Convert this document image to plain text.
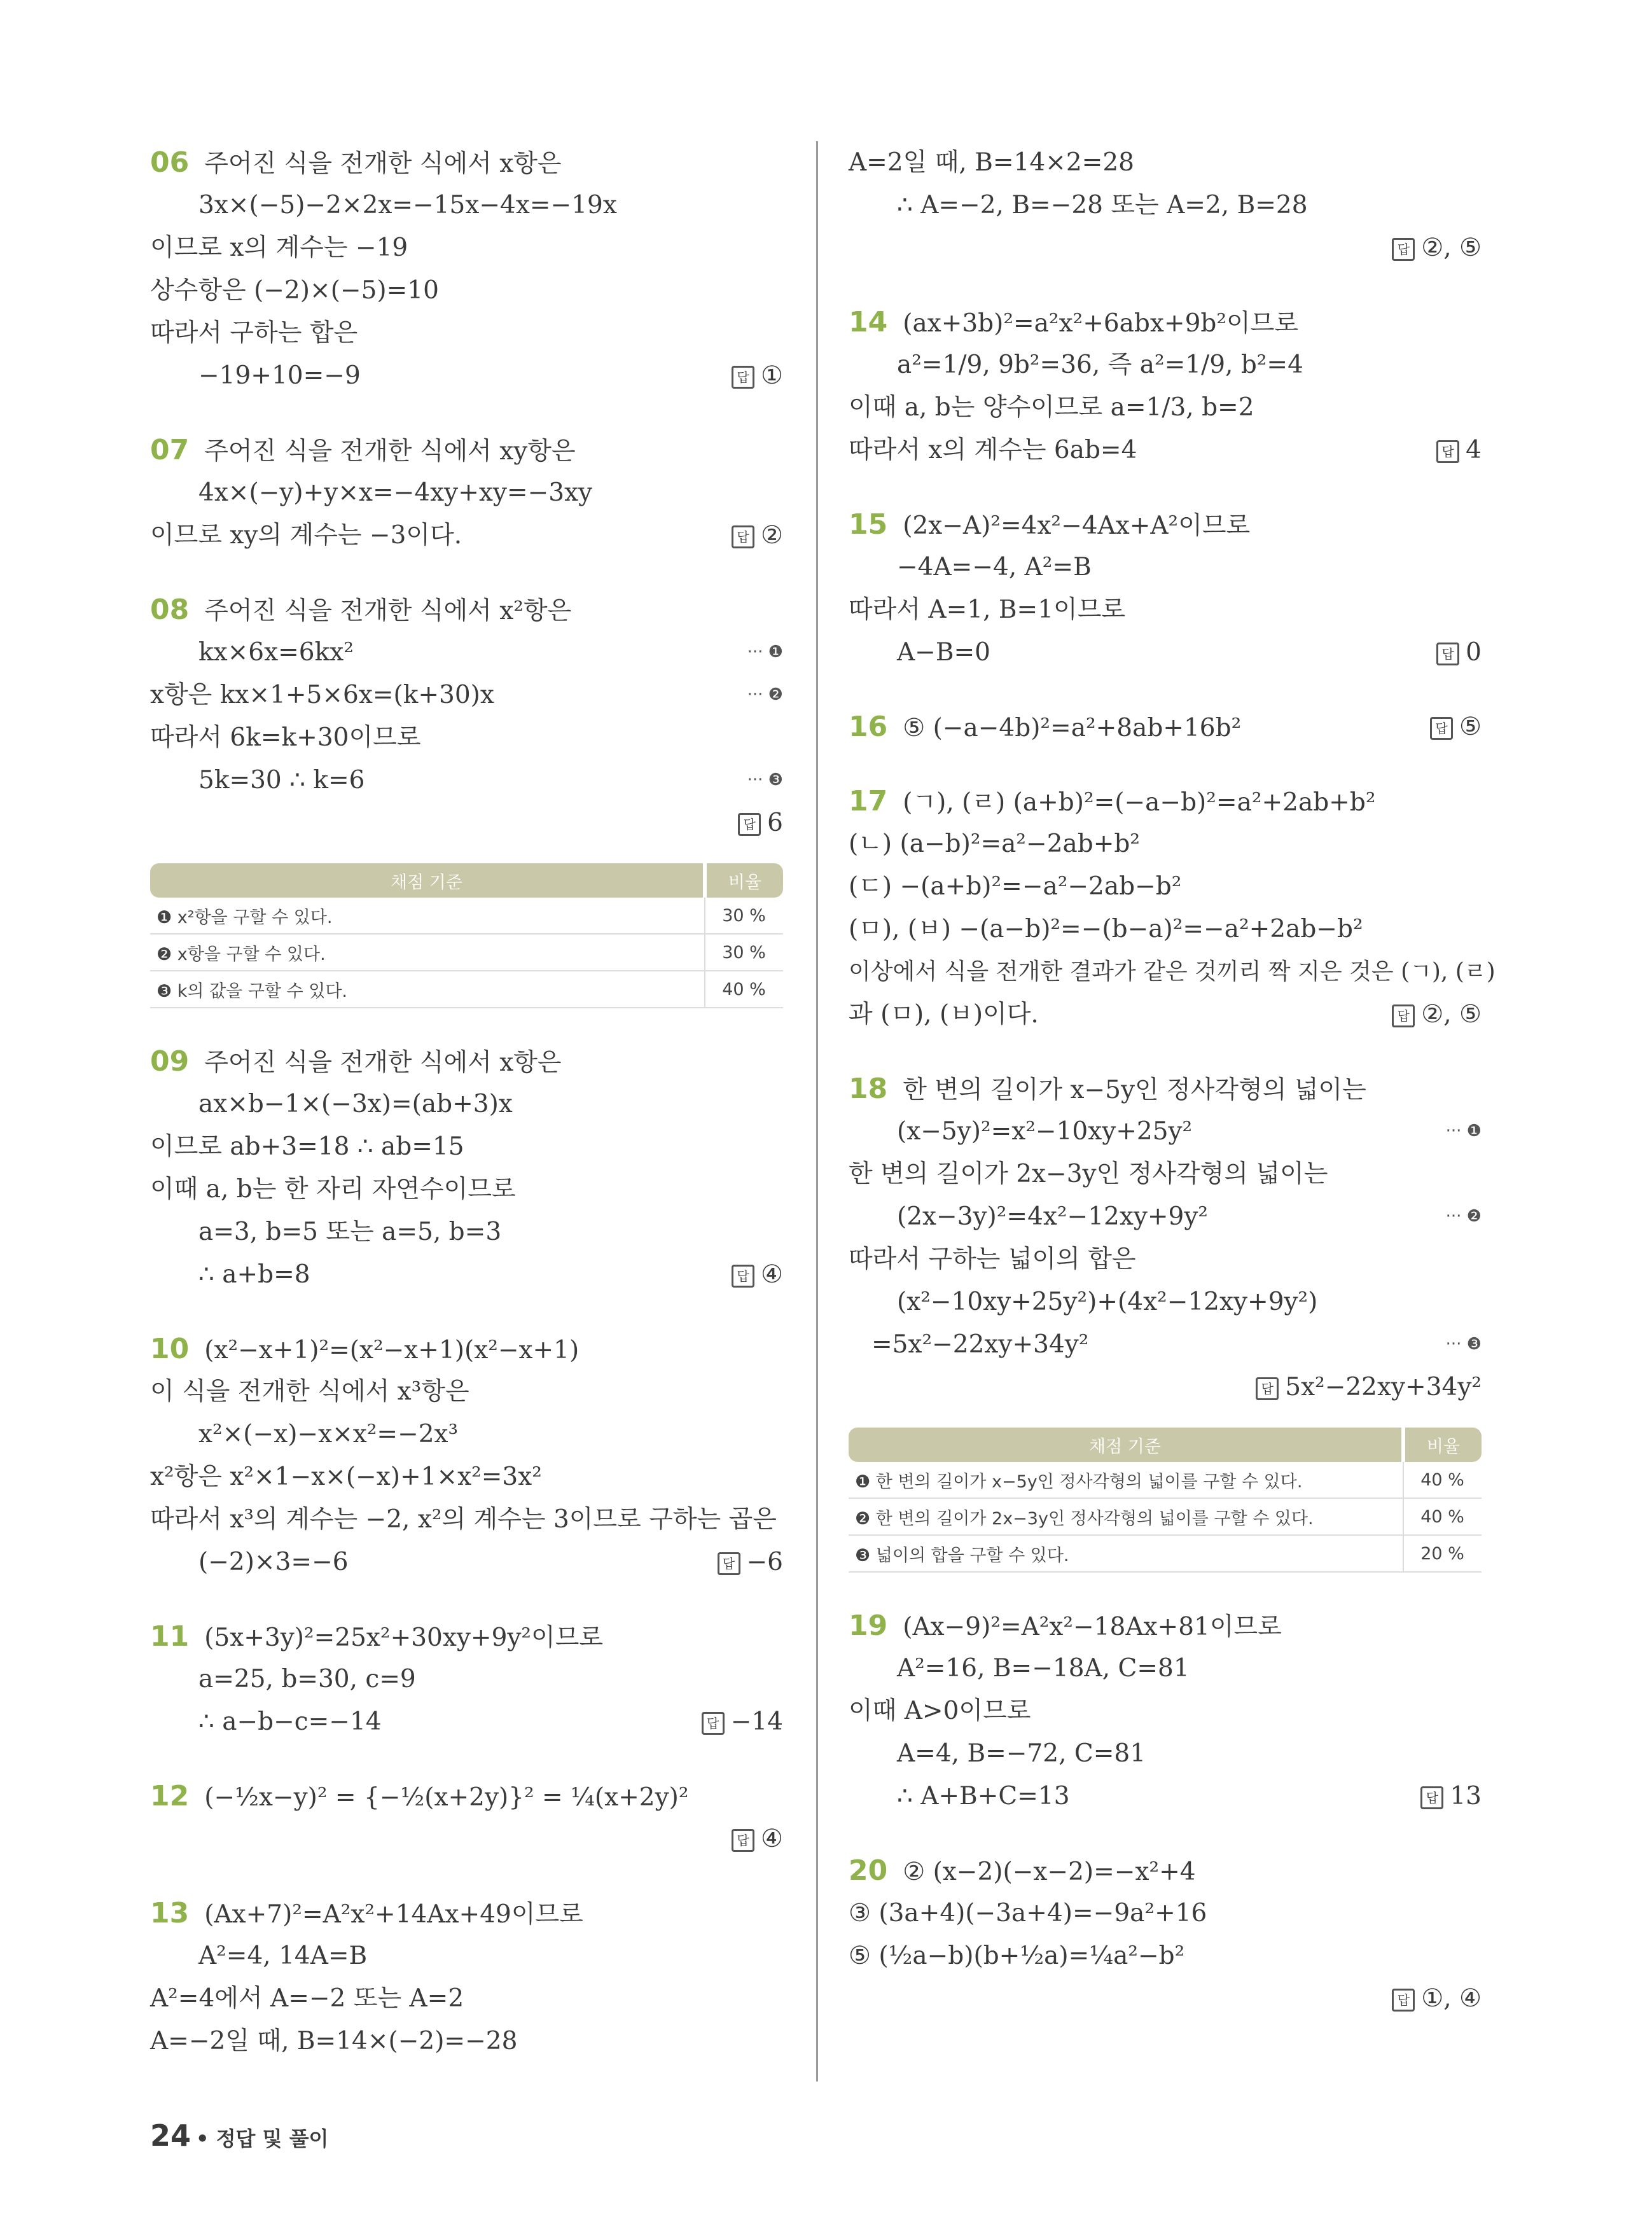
06 주어진 식을 전개한 식에서 x항은
3x×(−5)−2×2x=−15x−4x=−19x
이므로 x의 계수는 −19
상수항은 (−2)×(−5)=10
따라서 구하는 합은
−19+10=−9	답 ①
07 주어진 식을 전개한 식에서 xy항은
4x×(−y)+y×x=−4xy+xy=−3xy
이므로 xy의 계수는 −3이다.	답 ②
08 주어진 식을 전개한 식에서 x²항은
kx×6x=6kx²	··· ❶
x항은 kx×1+5×6x=(k+30)x	··· ❷
따라서 6k=k+30이므로
5k=30 ∴ k=6	··· ❸
답 6
채점 기준	비율
❶ x²항을 구할 수 있다.	30 %
❷ x항을 구할 수 있다.	30 %
❸ k의 값을 구할 수 있다.	40 %
09 주어진 식을 전개한 식에서 x항은
ax×b−1×(−3x)=(ab+3)x
이므로 ab+3=18 ∴ ab=15
이때 a, b는 한 자리 자연수이므로
a=3, b=5 또는 a=5, b=3
∴ a+b=8	답 ④
10 (x²−x+1)²=(x²−x+1)(x²−x+1)
이 식을 전개한 식에서 x³항은
x²×(−x)−x×x²=−2x³
x²항은 x²×1−x×(−x)+1×x²=3x²
따라서 x³의 계수는 −2, x²의 계수는 3이므로 구하는 곱은
(−2)×3=−6	답 −6
11 (5x+3y)²=25x²+30xy+9y²이므로
a=25, b=30, c=9
∴ a−b−c=−14	답 −14
12 (−½x−y)² = {−½(x+2y)}² = ¼(x+2y)²
답 ④
13 (Ax+7)²=A²x²+14Ax+49이므로
A²=4, 14A=B
A²=4에서 A=−2 또는 A=2
A=−2일 때, B=14×(−2)=−28
A=2일 때, B=14×2=28
∴ A=−2, B=−28 또는 A=2, B=28
답 ②, ⑤
14 (ax+3b)²=a²x²+6abx+9b²이므로
a²=1/9, 9b²=36, 즉 a²=1/9, b²=4
이때 a, b는 양수이므로 a=1/3, b=2
따라서 x의 계수는 6ab=4	답 4
15 (2x−A)²=4x²−4Ax+A²이므로
−4A=−4, A²=B
따라서 A=1, B=1이므로
A−B=0	답 0
16 ⑤ (−a−4b)²=a²+8ab+16b²	답 ⑤
17 (ㄱ), (ㄹ) (a+b)²=(−a−b)²=a²+2ab+b²
(ㄴ) (a−b)²=a²−2ab+b²
(ㄷ) −(a+b)²=−a²−2ab−b²
(ㅁ), (ㅂ) −(a−b)²=−(b−a)²=−a²+2ab−b²
이상에서 식을 전개한 결과가 같은 것끼리 짝 지은 것은 (ㄱ), (ㄹ)
과 (ㅁ), (ㅂ)이다.	답 ②, ⑤
18 한 변의 길이가 x−5y인 정사각형의 넓이는
(x−5y)²=x²−10xy+25y²	··· ❶
한 변의 길이가 2x−3y인 정사각형의 넓이는
(2x−3y)²=4x²−12xy+9y²	··· ❷
따라서 구하는 넓이의 합은
(x²−10xy+25y²)+(4x²−12xy+9y²)
=5x²−22xy+34y²	··· ❸
답 5x²−22xy+34y²
채점 기준	비율
❶ 한 변의 길이가 x−5y인 정사각형의 넓이를 구할 수 있다.	40 %
❷ 한 변의 길이가 2x−3y인 정사각형의 넓이를 구할 수 있다.	40 %
❸ 넓이의 합을 구할 수 있다.	20 %
19 (Ax−9)²=A²x²−18Ax+81이므로
A²=16, B=−18A, C=81
이때 A>0이므로
A=4, B=−72, C=81
∴ A+B+C=13	답 13
20 ② (x−2)(−x−2)=−x²+4
③ (3a+4)(−3a+4)=−9a²+16
⑤ (½a−b)(b+½a)=¼a²−b²
답 ①, ④
24 • 정답 및 풀이
